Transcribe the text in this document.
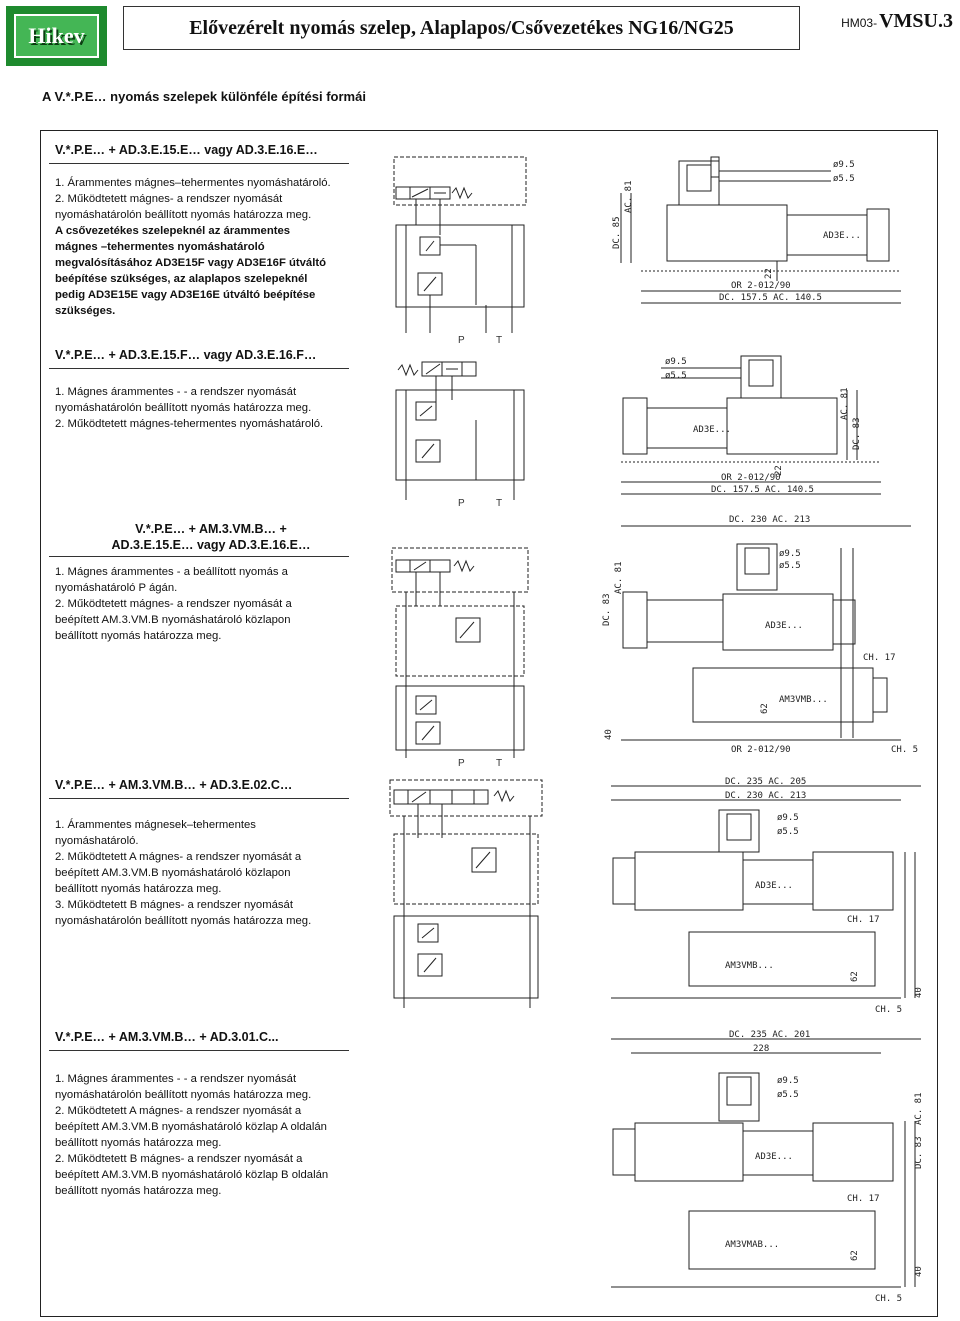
Hikev	Elővezérelt nyomás szelep, Alaplapos/Csővezetékes NG16/NG25	HM03- VMSU.3
A V.*.P.E… nyomás szelepek különféle építési formái
V.*.P.E… + AD.3.E.15.E… vagy AD.3.E.16.E…
1. Árammentes mágnes–tehermentes nyomáshatároló.
2. Működtetett mágnes- a rendszer nyomását
nyomáshatárolón beállított nyomás határozza meg.
A csővezetékes szelepeknél az árammentes
mágnes –tehermentes nyomáshatároló
megvalósításához AD3E15F vagy AD3E16F útváltó
beépítése szükséges, az alaplapos szelepeknél
pedig AD3E15E vagy AD3E16E útváltó beépítése
szükséges.
P	T
ø9.5
ø5.5
DC. 85
AC. 81
22
AD3E...
OR 2-012/90
DC. 157.5 AC. 140.5
V.*.P.E… + AD.3.E.15.F… vagy AD.3.E.16.F…
1. Mágnes árammentes - - a rendszer nyomását
nyomáshatárolón beállított nyomás határozza meg.
2. Működtetett mágnes-tehermentes nyomáshatároló.
P	T
ø9.5
ø5.5
AC. 81
DC. 83
22
AD3E...
OR 2-012/90
DC. 157.5 AC. 140.5
V.*.P.E… + AM.3.VM.B… +
AD.3.E.15.E… vagy AD.3.E.16.E…
1. Mágnes árammentes - a beállított nyomás a
nyomáshatároló P ágán.
2. Működtetett mágnes- a rendszer nyomását a
beépített AM.3.VM.B nyomáshatároló közlapon
beállított nyomás határozza meg.
P	T
DC. 230 AC. 213
ø9.5
ø5.5
DC. 83
AC. 81
40
62
AD3E...
AM3VMB...
CH. 17
CH. 5
OR 2-012/90
V.*.P.E… + AM.3.VM.B… + AD.3.E.02.C…
1. Árammentes mágnesek–tehermentes
nyomáshatároló.
2. Működtetett A mágnes- a rendszer nyomását a
beépített AM.3.VM.B nyomáshatároló közlapon
beállított nyomás határozza meg.
3. Működtetett B mágnes- a rendszer nyomását
nyomáshatárolón beállított nyomás határozza meg.
DC. 235 AC. 205
DC. 230 AC. 213
ø9.5
ø5.5
40
62
AD3E...
AM3VMB...
CH. 17
CH. 5
V.*.P.E… + AM.3.VM.B… + AD.3.01.C...
1. Mágnes árammentes - - a rendszer nyomását
nyomáshatárolón beállított nyomás határozza meg.
2. Működtetett A mágnes- a rendszer nyomását a
beépített AM.3.VM.B nyomáshatároló közlap A oldalán
beállított nyomás határozza meg.
2. Működtetett B mágnes- a rendszer nyomását a
beépített AM.3.VM.B nyomáshatároló közlap B oldalán
beállított nyomás határozza meg.
DC. 235 AC. 201
228
ø9.5
ø5.5
DC. 83
AC. 81
40
62
AD3E...
AM3VMAB...
CH. 17
CH. 5
